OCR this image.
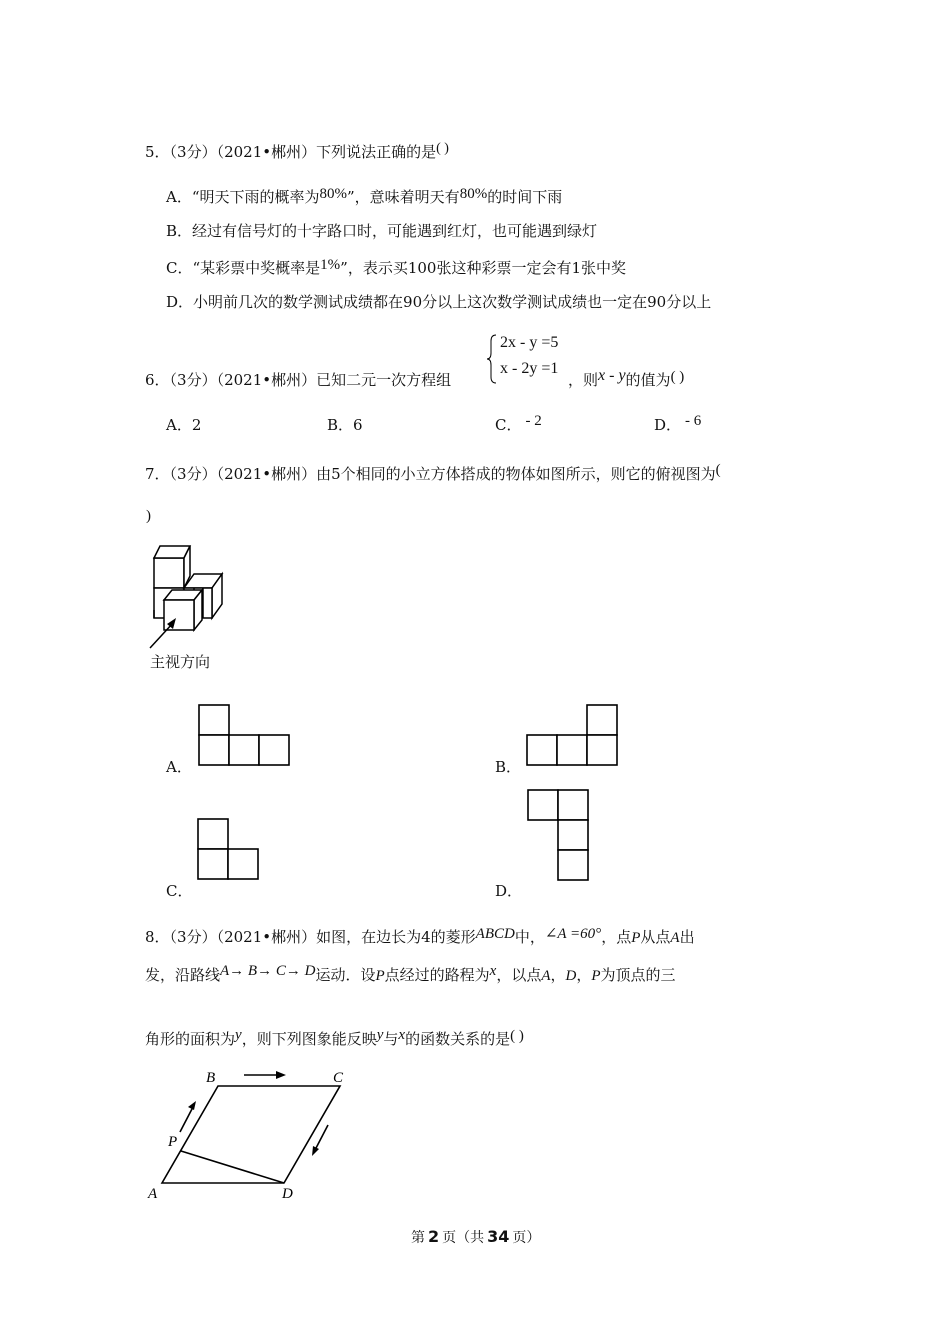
5．（3分）（2021•郴州）下列说法正确的是( )
A．“明天下雨的概率为80%”，意味着明天有80%的时间下雨
B．经过有信号灯的十字路口时，可能遇到红灯，也可能遇到绿灯
C．“某彩票中奖概率是1%”，表示买100张这种彩票一定会有1张中奖
D．小明前几次的数学测试成绩都在90分以上这次数学测试成绩也一定在90分以上
6．（3分）（2021•郴州）已知二元一次方程组
2x - y =5
x - 2y =1
，则x - y的值为( )
A．2	B．6	C． - 2	D． - 6
7．（3分）（2021•郴州）由5个相同的小立方体搭成的物体如图所示，则它的俯视图为(
)
主视方向
A．	B．
C．	D．
8．（3分）（2021•郴州）如图，在边长为4的菱形ABCD中，∠A =60°，点P从点A出
发，沿路线A→ B→ C→ D运动．设P点经过的路程为x，以点A，D，P为顶点的三
角形的面积为y，则下列图象能反映y与x的函数关系的是( )
B	C
P
A	D
第 2 页（共 34 页）
